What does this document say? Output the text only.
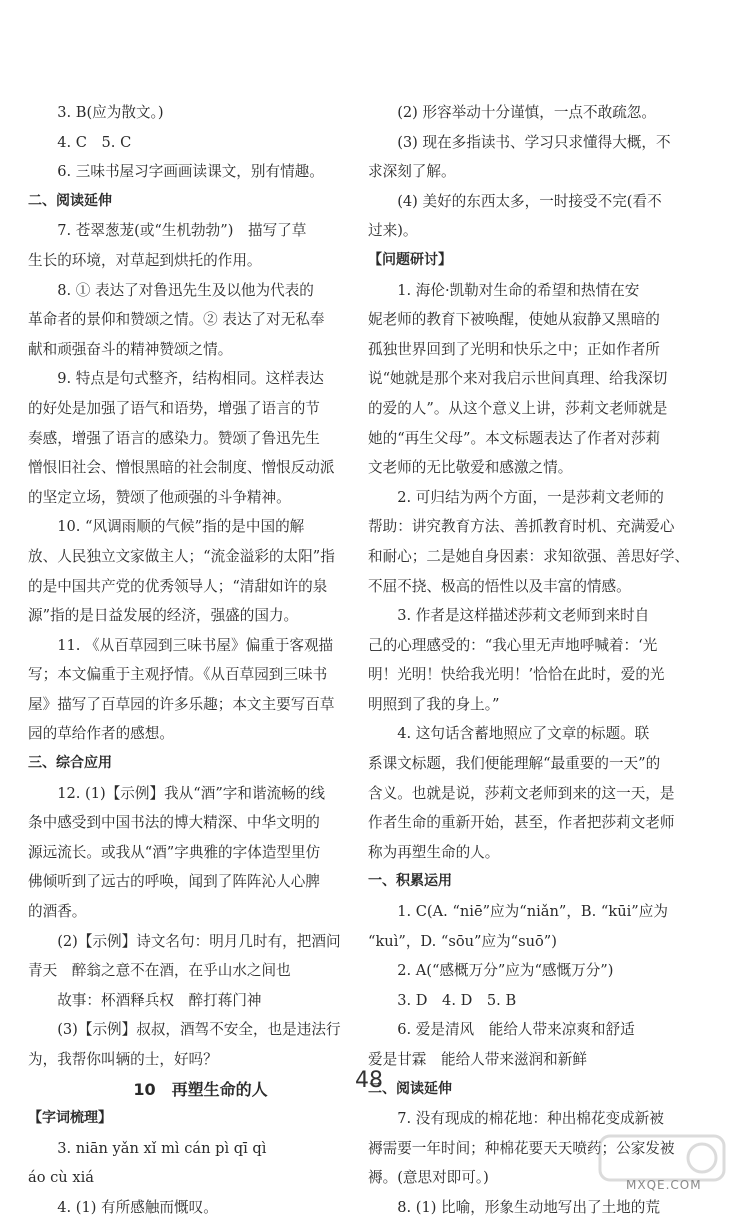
3. B(应为散文。)
4. C　5. C
6. 三味书屋习字画画读课文，别有情趣。
二、阅读延伸
7. 苍翠葱茏(或“生机勃勃”)　描写了草
生长的环境，对草起到烘托的作用。
8. ① 表达了对鲁迅先生及以他为代表的
革命者的景仰和赞颂之情。② 表达了对无私奉
献和顽强奋斗的精神赞颂之情。
9. 特点是句式整齐，结构相同。这样表达
的好处是加强了语气和语势，增强了语言的节
奏感，增强了语言的感染力。赞颂了鲁迅先生
憎恨旧社会、憎恨黑暗的社会制度、憎恨反动派
的坚定立场，赞颂了他顽强的斗争精神。
10. “风调雨顺的气候”指的是中国的解
放、人民独立文家做主人；“流金溢彩的太阳”指
的是中国共产党的优秀领导人；“清甜如许的泉
源”指的是日益发展的经济，强盛的国力。
11. 《从百草园到三味书屋》偏重于客观描
写；本文偏重于主观抒情。《从百草园到三味书
屋》描写了百草园的许多乐趣；本文主要写百草
园的草给作者的感想。
三、综合应用
12. (1)【示例】我从“酒”字和谐流畅的线
条中感受到中国书法的博大精深、中华文明的
源远流长。或我从“酒”字典雅的字体造型里仿
佛倾听到了远古的呼唤，闻到了阵阵沁人心脾
的酒香。
(2)【示例】诗文名句：明月几时有，把酒问
青天　醉翁之意不在酒，在乎山水之间也
故事：杯酒释兵权　醉打蒋门神
(3)【示例】叔叔，酒驾不安全，也是违法行
为，我帮你叫辆的士，好吗？
10　再塑生命的人
【字词梳理】
3. niān yǎn xǐ mì cán pì qī qì
áo cù xiá
4. (1) 有所感触而慨叹。
(2) 形容举动十分谨慎，一点不敢疏忽。
(3) 现在多指读书、学习只求懂得大概，不
求深刻了解。
(4) 美好的东西太多，一时接受不完(看不
过来)。
【问题研讨】
1. 海伦·凯勒对生命的希望和热情在安
妮老师的教育下被唤醒，使她从寂静又黑暗的
孤独世界回到了光明和快乐之中；正如作者所
说“她就是那个来对我启示世间真理、给我深切
的爱的人”。从这个意义上讲，莎莉文老师就是
她的“再生父母”。本文标题表达了作者对莎莉
文老师的无比敬爱和感激之情。
2. 可归结为两个方面，一是莎莉文老师的
帮助：讲究教育方法、善抓教育时机、充满爱心
和耐心；二是她自身因素：求知欲强、善思好学、
不屈不挠、极高的悟性以及丰富的情感。
3. 作者是这样描述莎莉文老师到来时自
己的心理感受的：“我心里无声地呼喊着：‘光
明！光明！快给我光明！’恰恰在此时，爱的光
明照到了我的身上。”
4. 这句话含蓄地照应了文章的标题。联
系课文标题，我们便能理解“最重要的一天”的
含义。也就是说，莎莉文老师到来的这一天，是
作者生命的重新开始，甚至，作者把莎莉文老师
称为再塑生命的人。
一、积累运用
1. C(A. “niē”应为“niǎn”，B. “kūi”应为
“kuì”，D. “sōu”应为“suō”)
2. A(“感概万分”应为“感慨万分”)
3. D　4. D　5. B
6. 爱是清风　能给人带来凉爽和舒适
爱是甘霖　能给人带来滋润和新鲜
二、阅读延伸
7. 没有现成的棉花地：种出棉花变成新被
褥需要一年时间；种棉花要天天喷药；公家发被
褥。(意思对即可。)
8. (1) 比喻，形象生动地写出了土地的荒
48
MXQE.COM
